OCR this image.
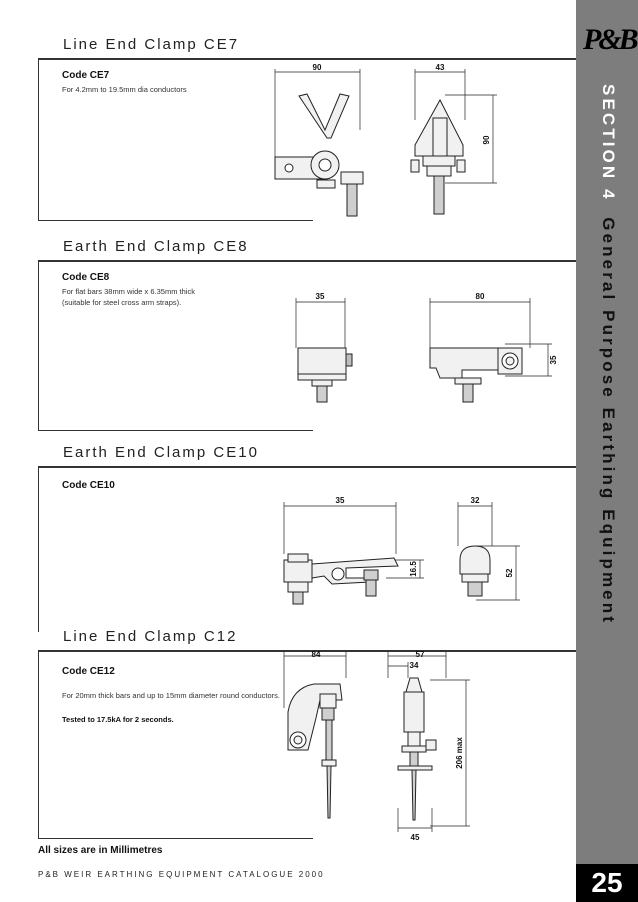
P&B
SECTION 4  General Purpose Earthing Equipment
25
Line End Clamp CE7
Code CE7
For 4.2mm to 19.5mm dia conductors
90	43
90
Earth End Clamp CE8
Code CE8
For flat bars 38mm wide x 6.35mm thick
(suitable for steel cross arm straps).
35	80
35
Earth End Clamp CE10
Code CE10
35	32
16.5	52
Line End Clamp C12
Code CE12
For 20mm thick bars and up to 15mm diameter round conductors.
Tested to 17.5kA for 2 seconds.
84	57
34
206 max
45
All sizes are in Millimetres
P&B WEIR EARTHING EQUIPMENT CATALOGUE 2000
